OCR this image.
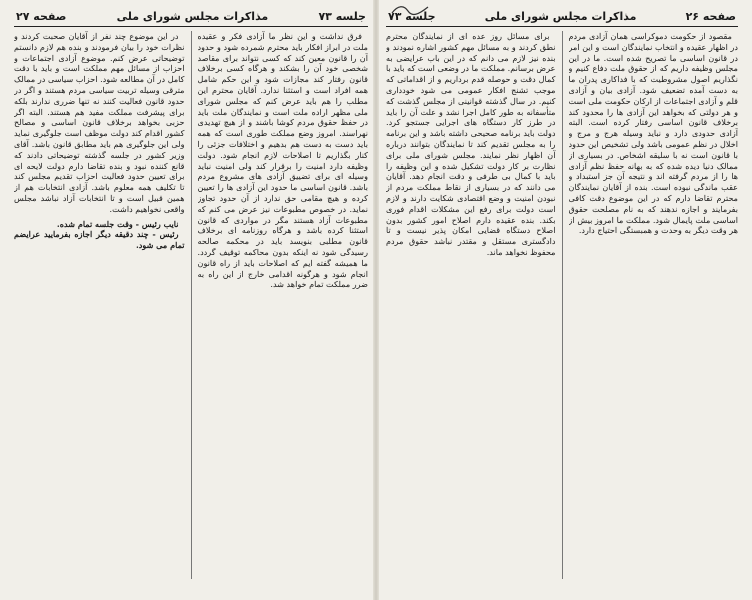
جلسه ۷۳
مذاکرات مجلس شورای ملی
صفحه ۲۷

فرق نداشت و این نظر ما آزادی فکر و عقیده ملت در ابراز افکار باید محترم شمرده شود و حدود آن را قانون معین کند که کسی نتواند برای مقاصد شخصی خود آن را بشکند و هرگاه کسی برخلاف قانون رفتار کند مجازات شود و این حکم شامل همه افراد است و استثنا ندارد. آقایان محترم این مطلب را هم باید عرض کنم که مجلس شورای ملی مظهر اراده ملت است و نمایندگان ملت باید در حفظ حقوق مردم کوشا باشند و از هیچ تهدیدی نهراسند. امروز وضع مملکت طوری است که همه باید دست به دست هم بدهیم و اختلافات جزئی را کنار بگذاریم تا اصلاحات لازم انجام شود. دولت وظیفه دارد امنیت را برقرار کند ولی امنیت نباید وسیله ای برای تضییق آزادی های مشروع مردم باشد. قانون اساسی ما حدود این آزادی ها را تعیین کرده و هیچ مقامی حق ندارد از آن حدود تجاوز نماید. در خصوص مطبوعات نیز عرض می کنم که مطبوعات آزاد هستند مگر در مواردی که قانون استثنا کرده باشد و هرگاه روزنامه ای برخلاف قانون مطلبی بنویسد باید در محکمه صالحه رسیدگی شود نه اینکه بدون محاکمه توقیف گردد. ما همیشه گفته ایم که اصلاحات باید از راه قانون انجام شود و هرگونه اقدامی خارج از این راه به ضرر مملکت تمام خواهد شد.

در این موضوع چند نفر از آقایان صحبت کردند و نظرات خود را بیان فرمودند و بنده هم لازم دانستم توضیحاتی عرض کنم. موضوع آزادی اجتماعات و احزاب از مسائل مهم مملکت است و باید با دقت کامل در آن مطالعه شود. احزاب سیاسی در ممالک مترقی وسیله تربیت سیاسی مردم هستند و اگر در حدود قانون فعالیت کنند نه تنها ضرری ندارند بلکه برای پیشرفت مملکت مفید هم هستند. البته اگر حزبی بخواهد برخلاف قانون اساسی و مصالح کشور اقدام کند دولت موظف است جلوگیری نماید ولی این جلوگیری هم باید مطابق قانون باشد. آقای وزیر کشور در جلسه گذشته توضیحاتی دادند که قانع کننده نبود و بنده تقاضا دارم دولت لایحه ای برای تعیین حدود فعالیت احزاب تقدیم مجلس کند تا تکلیف همه معلوم باشد. آزادی انتخابات هم از همین قبیل است و تا انتخابات آزاد نباشد مجلس واقعی نخواهیم داشت.

نایب رئیس - وقت جلسه تمام شده.

رئیس - چند دقیقه دیگر اجازه بفرمایید عرایضم تمام می شود.

صفحه ۲۶
مذاکرات مجلس شورای ملی
جلسه ۷۳

مقصود از حکومت دموکراسی همان آزادی مردم در اظهار عقیده و انتخاب نمایندگان است و این امر در قانون اساسی ما تصریح شده است. ما در این مجلس وظیفه داریم که از حقوق ملت دفاع کنیم و نگذاریم اصول مشروطیت که با فداکاری پدران ما به دست آمده تضعیف شود. آزادی بیان و آزادی قلم و آزادی اجتماعات از ارکان حکومت ملی است و هر دولتی که بخواهد این آزادی ها را محدود کند برخلاف قانون اساسی رفتار کرده است. البته آزادی حدودی دارد و نباید وسیله هرج و مرج و اخلال در نظم عمومی باشد ولی تشخیص این حدود با قانون است نه با سلیقه اشخاص. در بسیاری از ممالک دنیا دیده شده که به بهانه حفظ نظم آزادی ها را از مردم گرفته اند و نتیجه آن جز استبداد و عقب ماندگی نبوده است. بنده از آقایان نمایندگان محترم تقاضا دارم که در این موضوع دقت کافی بفرمایند و اجازه ندهند که به نام مصلحت حقوق اساسی ملت پایمال شود. مملکت ما امروز بیش از هر وقت دیگر به وحدت و همبستگی احتیاج دارد.

برای مسائل روز عده ای از نمایندگان محترم نطق کردند و به مسائل مهم کشور اشاره نمودند و بنده نیز لازم می دانم که در این باب عرایضی به عرض برسانم. مملکت ما در وضعی است که باید با کمال دقت و حوصله قدم برداریم و از اقداماتی که موجب تشنج افکار عمومی می شود خودداری کنیم. در سال گذشته قوانینی از مجلس گذشت که متأسفانه به طور کامل اجرا نشد و علت آن را باید در طرز کار دستگاه های اجرایی جستجو کرد. دولت باید برنامه صحیحی داشته باشد و این برنامه را به مجلس تقدیم کند تا نمایندگان بتوانند درباره آن اظهار نظر نمایند. مجلس شورای ملی برای نظارت بر کار دولت تشکیل شده و این وظیفه را باید با کمال بی طرفی و دقت انجام دهد. آقایان می دانند که در بسیاری از نقاط مملکت مردم از نبودن امنیت و وضع اقتصادی شکایت دارند و لازم است دولت برای رفع این مشکلات اقدام فوری بکند. بنده عقیده دارم اصلاح امور کشور بدون اصلاح دستگاه قضایی امکان پذیر نیست و تا دادگستری مستقل و مقتدر نباشد حقوق مردم محفوظ نخواهد ماند.
